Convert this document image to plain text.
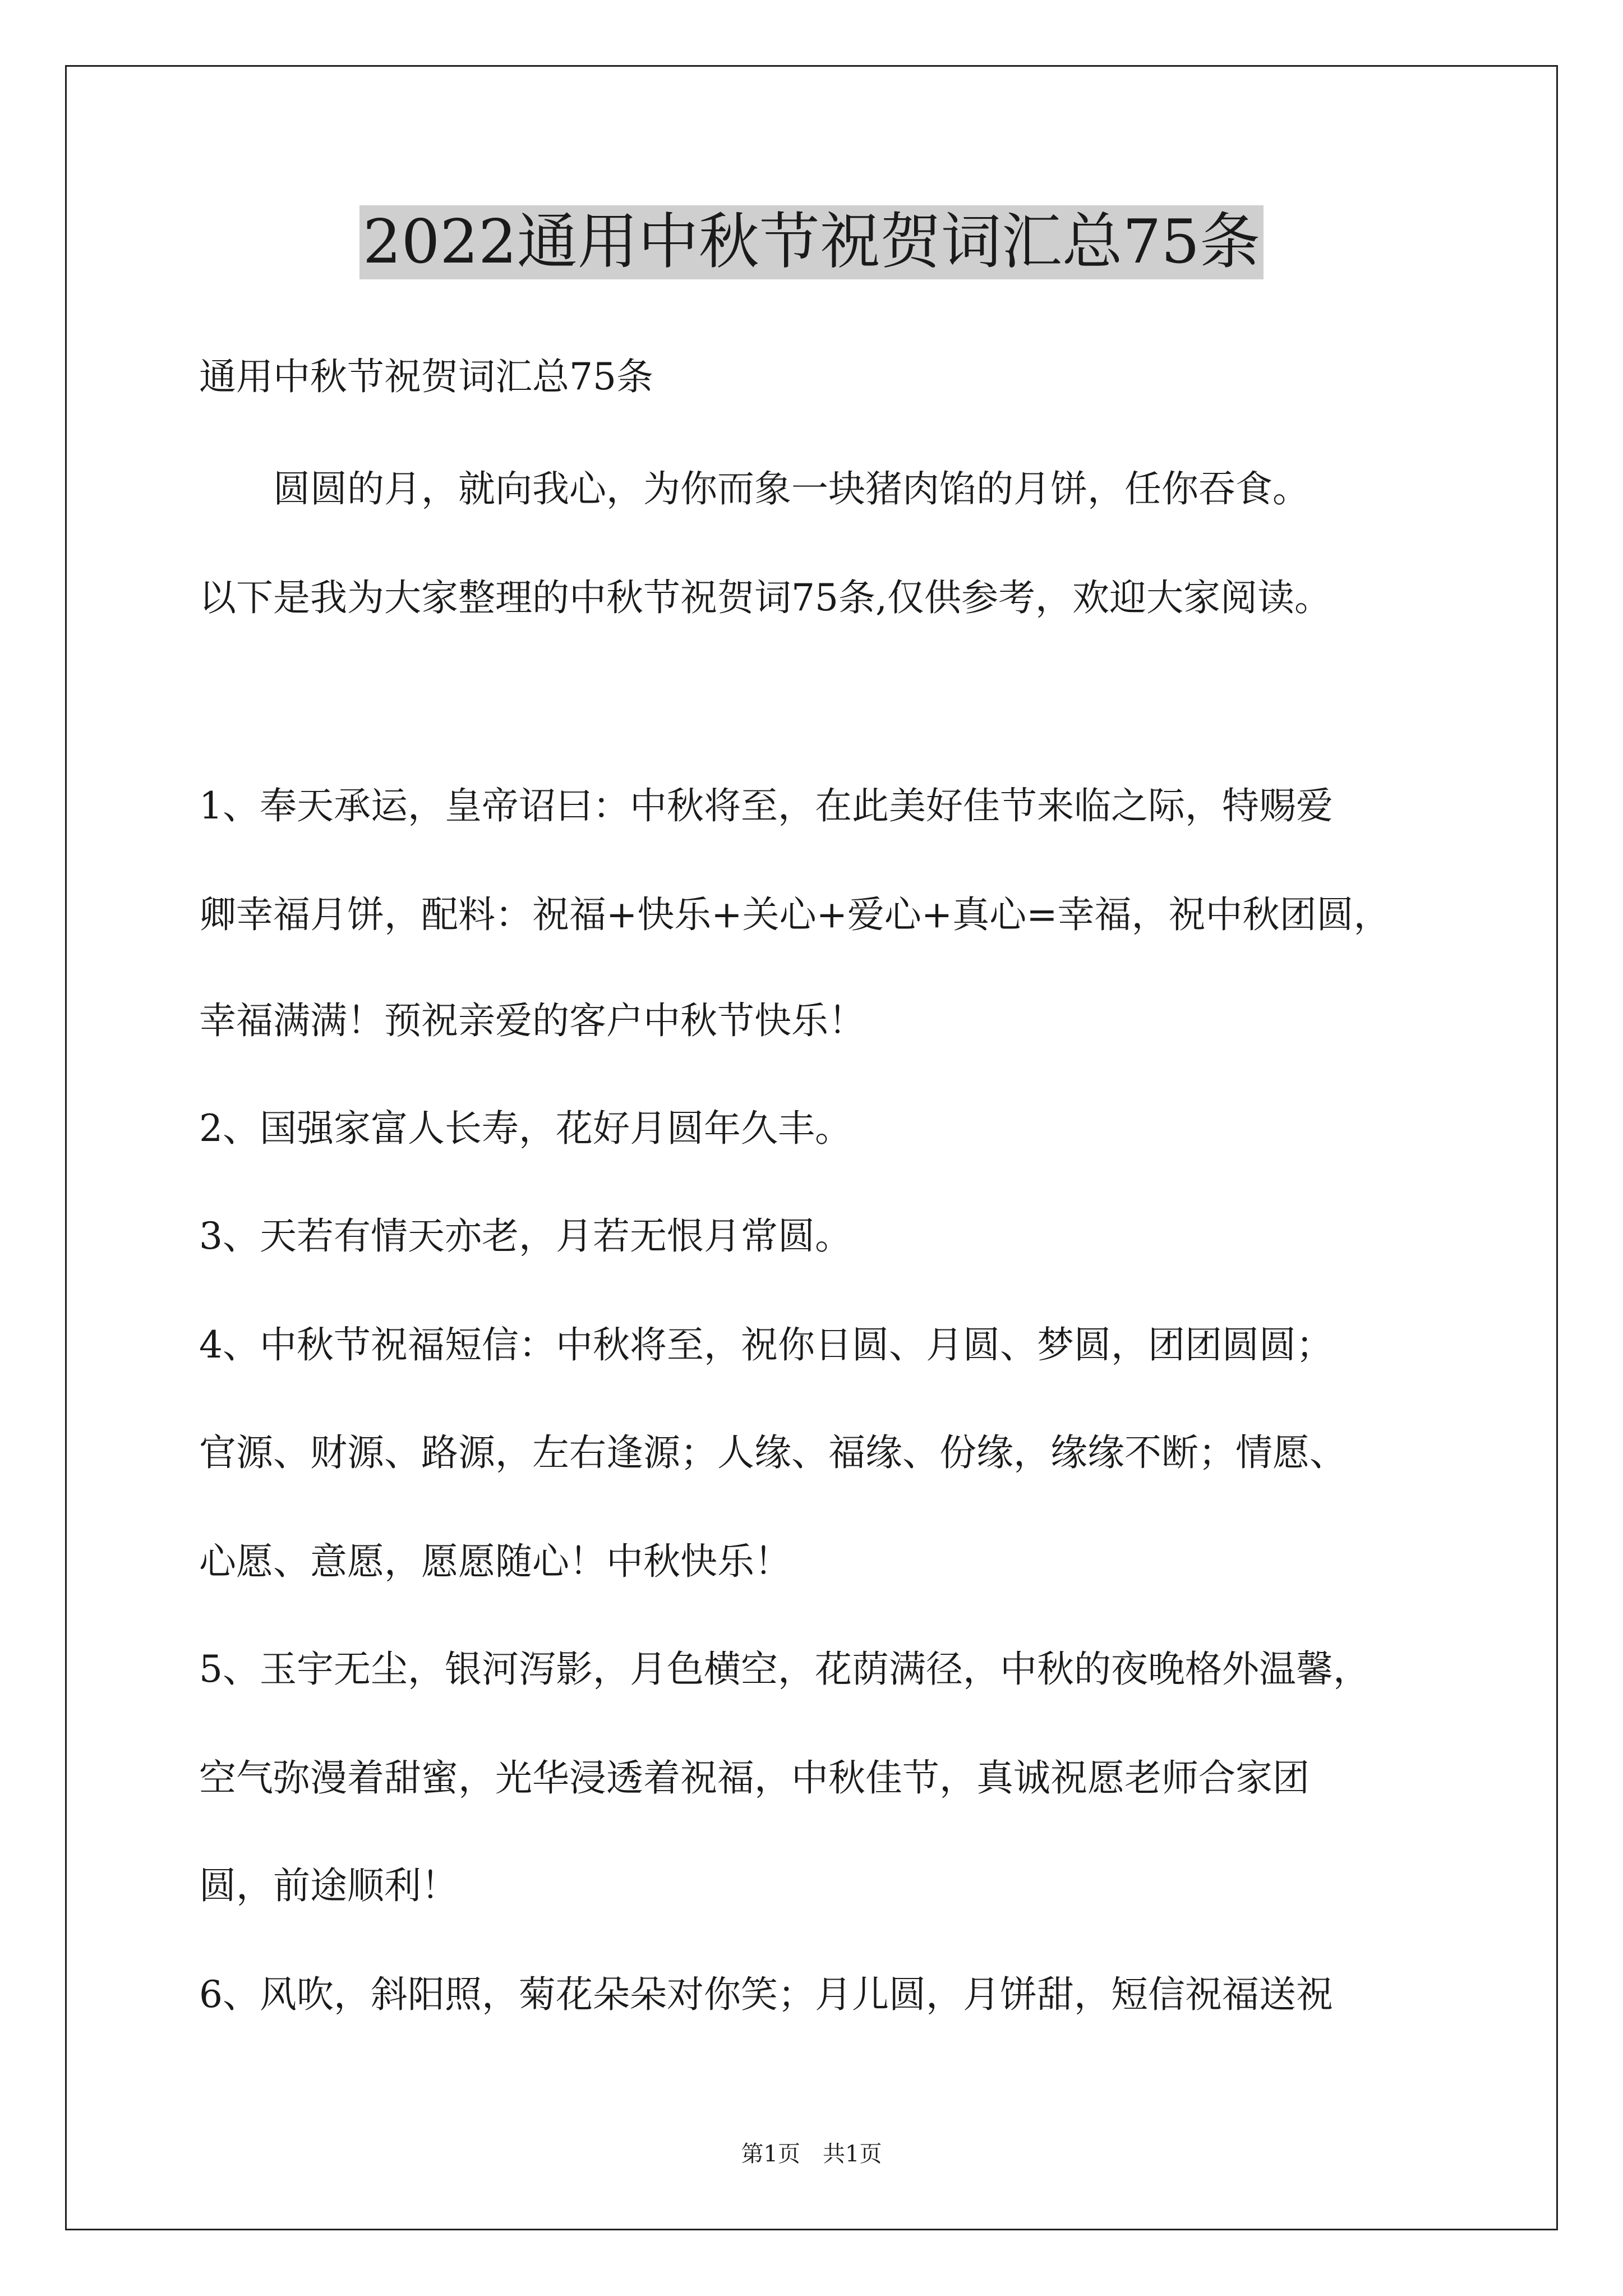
2022通用中秋节祝贺词汇总75条
通用中秋节祝贺词汇总75条
　　圆圆的月，就向我心，为你而象一块猪肉馅的月饼，任你吞食。
以下是我为大家整理的中秋节祝贺词75条,仅供参考，欢迎大家阅读。
1、奉天承运，皇帝诏曰：中秋将至，在此美好佳节来临之际，特赐爱
卿幸福月饼，配料：祝福+快乐+关心+爱心+真心=幸福，祝中秋团圆，
幸福满满！预祝亲爱的客户中秋节快乐！
2、国强家富人长寿，花好月圆年久丰。
3、天若有情天亦老，月若无恨月常圆。
4、中秋节祝福短信：中秋将至，祝你日圆、月圆、梦圆，团团圆圆；
官源、财源、路源，左右逢源；人缘、福缘、份缘，缘缘不断；情愿、
心愿、意愿，愿愿随心！中秋快乐！
5、玉宇无尘，银河泻影，月色横空，花荫满径，中秋的夜晚格外温馨，
空气弥漫着甜蜜，光华浸透着祝福，中秋佳节，真诚祝愿老师合家团
圆，前途顺利！
6、风吹，斜阳照，菊花朵朵对你笑；月儿圆，月饼甜，短信祝福送祝
第1页　共1页
